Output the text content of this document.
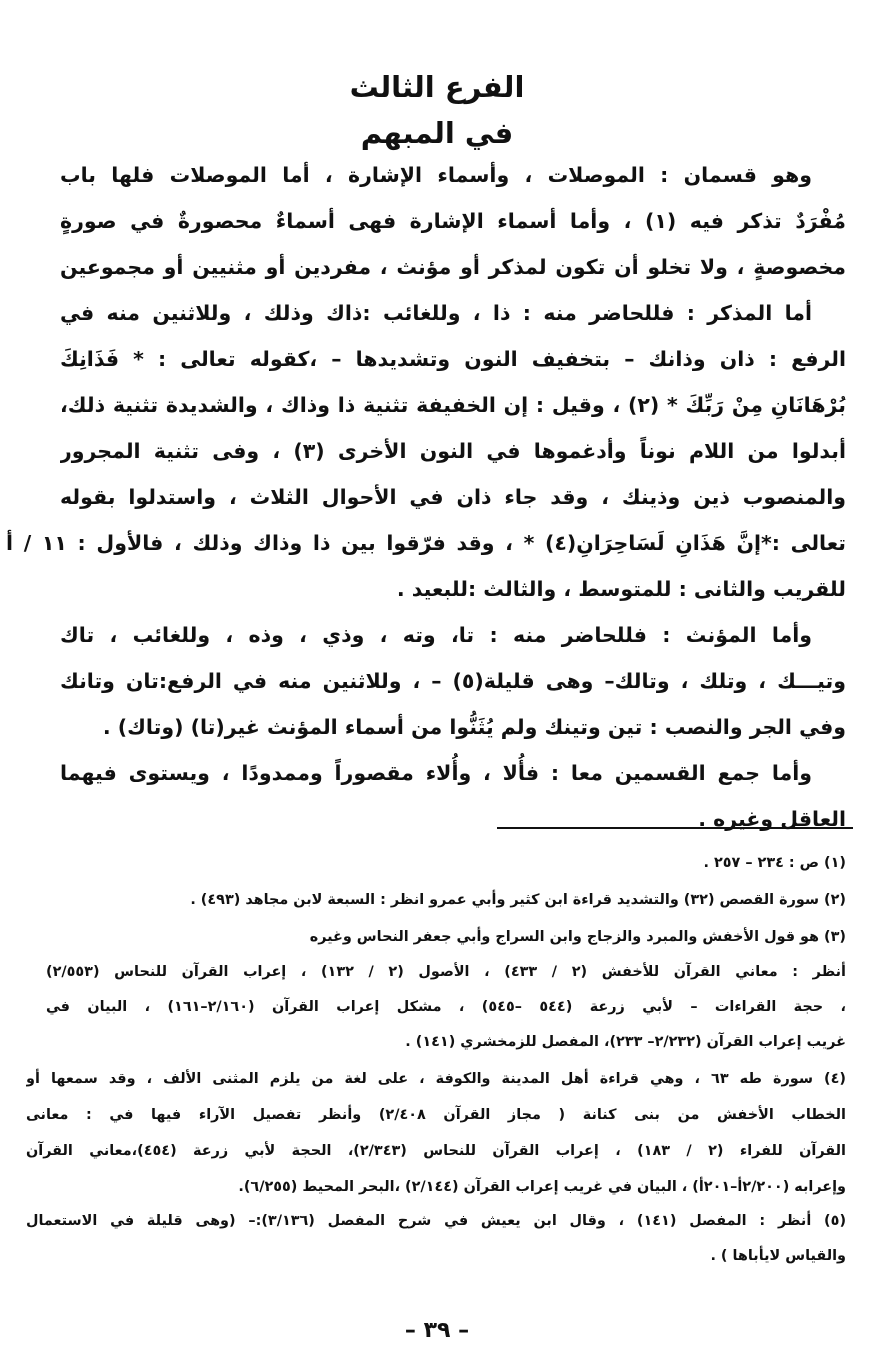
الفرع الثالث
في المبهم
وهو قسمان : الموصلات ، وأسماء الإشارة ، أما الموصلات فلها باب
مُفْرَدٌ تذكر فيه (١) ، وأما أسماء الإشارة فهى أسماءٌ محصورةٌ في صورةٍ
مخصوصةٍ ، ولا تخلو أن تكون لمذكر أو مؤنث ، مفردين أو مثنيين أو مجموعين
أما المذكر : فللحاضر منه : ذا ، وللغائب :ذاك وذلك ، وللاثنين منه في
الرفع : ذان وذانك – بتخفيف النون وتشديدها – ،كقوله تعالى : * فَذَانِكَ
بُرْهَانَانِ مِنْ رَبِّكَ * (٢) ، وقيل : إن الخفيفة تثنية ذا وذاك ، والشديدة تثنية ذلك،
أبدلوا من اللام نوناً وأدغموها في النون الأخرى (٣) ، وفى تثنية المجرور
والمنصوب ذين وذينك ، وقد جاء ذان في الأحوال الثلاث ، واستدلوا بقوله
تعالى :*إنَّ هَذَانِ لَسَاحِرَانِ(٤) * ، وقد فرّقوا بين ذا وذاك وذلك ، فالأول : ١١ / أ
للقريب والثانى : للمتوسط ، والثالث :للبعيد .
وأما المؤنث : فللحاضر منه : تا، وته ، وذي ، وذه ، وللغائب ، تاك
وتيـــك ، وتلك ، وتالك– وهى قليلة(٥) – ، وللاثنين منه في الرفع:تان وتانك
وفي الجر والنصب : تين وتينك ولم يُثَنُّوا من أسماء المؤنث غير(تا) (وتاك) .
وأما جمع القسمين معا : فأُلا ، وأُلاء مقصوراً وممدودًا ، ويستوى فيهما
العاقل وغيره .
(١) ص : ٢٣٤ – ٢٥٧ .
(٢) سورة القصص (٣٢) والتشديد قراءة ابن كثير وأبي عمرو انظر : السبعة لابن مجاهد (٤٩٣) .
(٣) هو قول الأخفش والمبرد والزجاج وابن السراج وأبي جعفر النحاس وغيره
أنظر : معاني القرآن للأخفش (٢ / ٤٣٣) ، الأصول (٢ / ١٣٢) ، إعراب القرآن للنحاس (٢/٥٥٣)
، حجة القراءات – لأبي زرعة (٥٤٤ –٥٤٥) ، مشكل إعراب القرآن (٢/١٦٠–١٦١) ، البيان في
غريب إعراب القرآن (٢/٢٣٢– ٢٣٣)، المفصل للزمخشري (١٤١) .
(٤) سورة طه ٦٣ ، وهي قراءة أهل المدينة والكوفة ، على لغة من يلزم المثنى الألف ، وقد سمعها أو
الخطاب الأخفش من بنى كنانة ( مجاز القرآن ٢/٤٠٨) وأنظر تفصيل الآراء فيها في : معانى
القرآن للفراء (٢ / ١٨٣) ، إعراب القرآن للنحاس (٢/٣٤٣)، الحجة لأبي زرعة (٤٥٤)،معاني القرآن
وإعرابه (٢/٢٠٠أ–٢٠١أ) ، البيان في غريب إعراب القرآن (٢/١٤٤) ،البحر المحيط (٦/٢٥٥).
(٥) أنظر : المفصل (١٤١) ، وقال ابن يعيش في شرح المفصل (٣/١٣٦):– (وهى قليلة في الاستعمال
والقياس لايأباها ) .
– ٣٩ –
